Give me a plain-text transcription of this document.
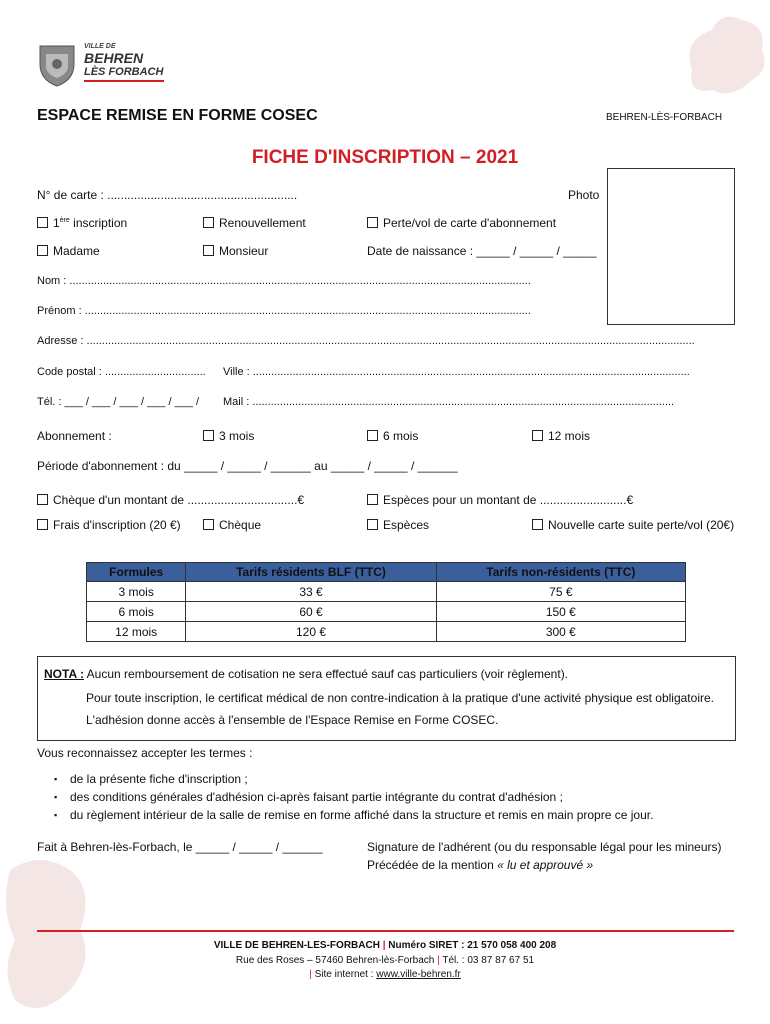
VILLE DE
BEHREN
LÈS FORBACH
ESPACE REMISE EN FORME COSEC	BEHREN-LÈS-FORBACH
FICHE D'INSCRIPTION – 2021
Photo
N° de carte : .........................................................
1ère inscription	Renouvellement	Perte/vol de carte d'abonnement
Madame	Monsieur	Date de naissance : _____ / _____ / _____
Nom : .......................................................................................................................................................
Prénom : ..................................................................................................................................................
Adresse : .......................................................................................................................................................................................................
Code postal : ................................. Ville : ...............................................................................................................................................
Tél. : ___ / ___ / ___ / ___ / ___ / Mail : ..........................................................................................................................................
Abonnement :	3 mois	6 mois	12 mois
Période d'abonnement : du _____ / _____ / ______ au _____ / _____ / ______
Chèque d'un montant de .................................€	Espèces pour un montant de ..........................€
Frais d'inscription (20 €)	Chèque	Espèces	Nouvelle carte suite perte/vol (20€)
Formules	Tarifs résidents BLF (TTC)	Tarifs non-résidents (TTC)
3 mois	33 €	75 €
6 mois	60 €	150 €
12 mois	120 €	300 €
NOTA : Aucun remboursement de cotisation ne sera effectué sauf cas particuliers (voir règlement).
Pour toute inscription, le certificat médical de non contre-indication à la pratique d'une activité physique est obligatoire.
L'adhésion donne accès à l'ensemble de l'Espace Remise en Forme COSEC.
Vous reconnaissez accepter les termes :
▪ de la présente fiche d'inscription ;
▪ des conditions générales d'adhésion ci-après faisant partie intégrante du contrat d'adhésion ;
▪ du règlement intérieur de la salle de remise en forme affiché dans la structure et remis en main propre ce jour.
Fait à Behren-lès-Forbach, le _____ / _____ / ______	Signature de l'adhérent (ou du responsable légal pour les mineurs)
Précédée de la mention « lu et approuvé »
VILLE DE BEHREN-LES-FORBACH | Numéro SIRET : 21 570 058 400 208
Rue des Roses – 57460 Behren-lès-Forbach | Tél. : 03 87 87 67 51
| Site internet : www.ville-behren.fr
